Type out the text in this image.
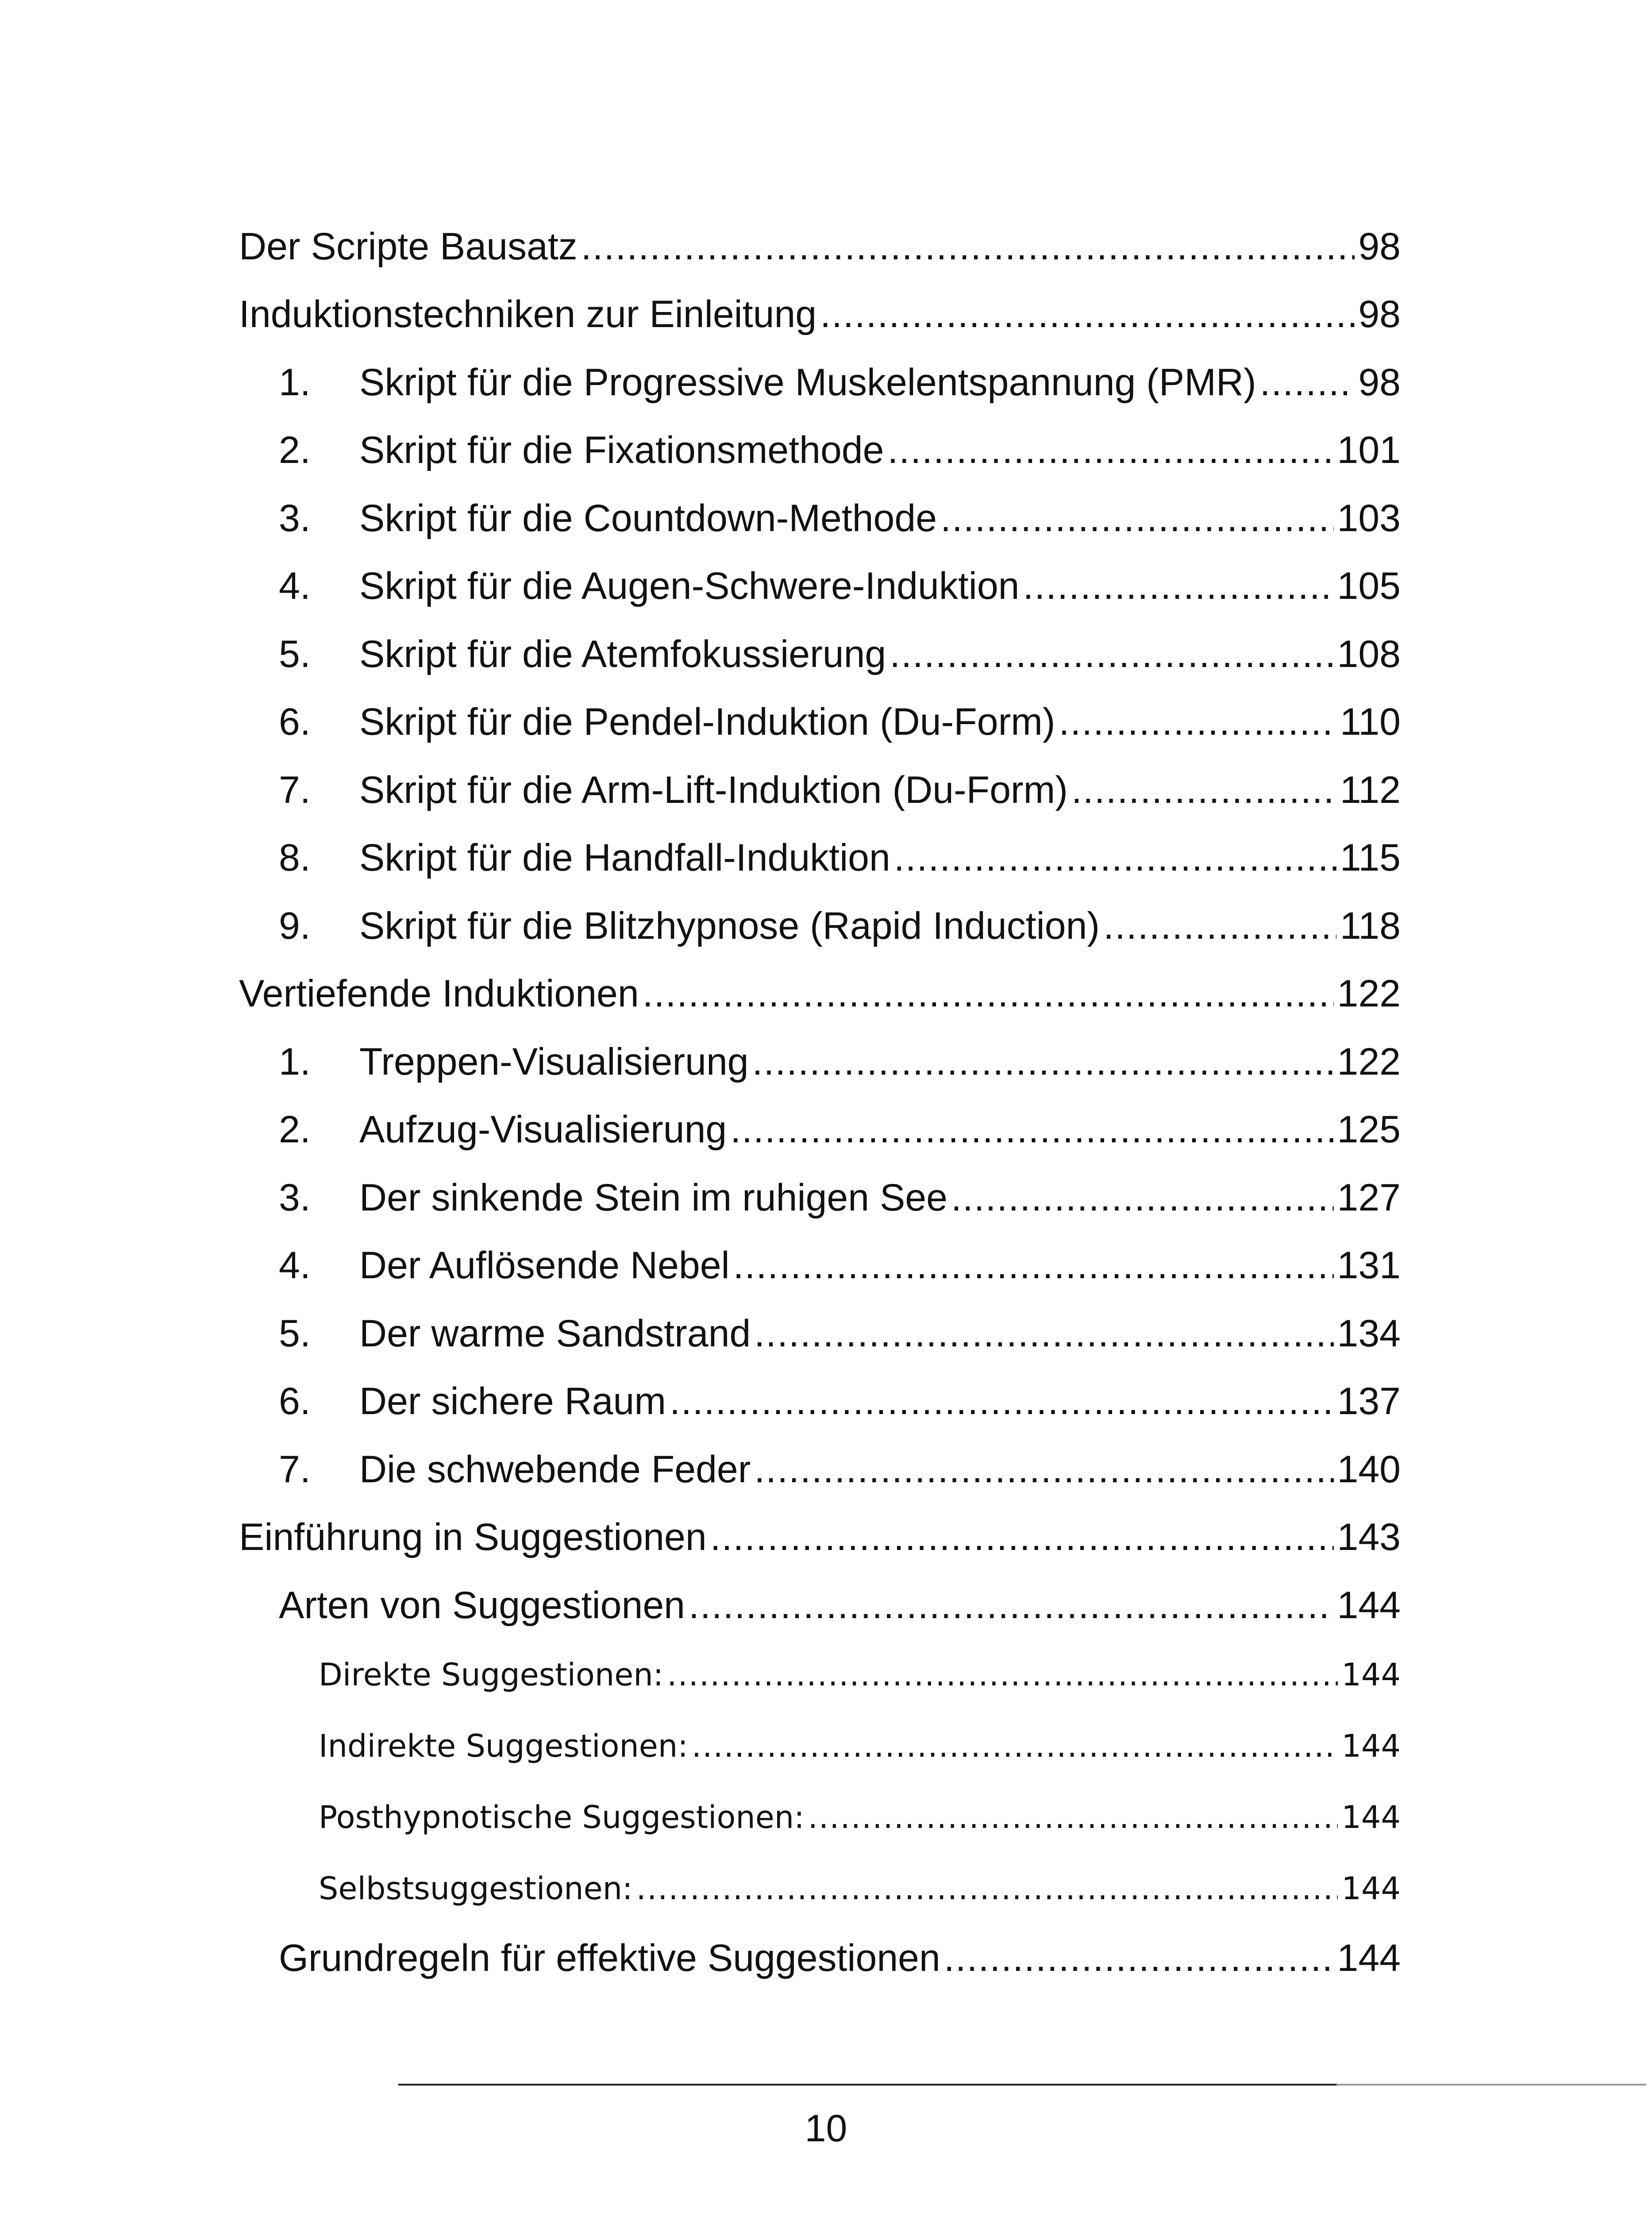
Der Scripte Bausatz .....	98
Induktionstechniken zur Einleitung .....	98
1.	Skript für die Progressive Muskelentspannung (PMR) .....	98
2.	Skript für die Fixationsmethode .....	101
3.	Skript für die Countdown-Methode .....	103
4.	Skript für die Augen-Schwere-Induktion .....	105
5.	Skript für die Atemfokussierung .....	108
6.	Skript für die Pendel-Induktion (Du-Form) .....	110
7.	Skript für die Arm-Lift-Induktion (Du-Form) .....	112
8.	Skript für die Handfall-Induktion .....	115
9.	Skript für die Blitzhypnose (Rapid Induction) .....	118
Vertiefende Induktionen .....	122
1.	Treppen-Visualisierung .....	122
2.	Aufzug-Visualisierung .....	125
3.	Der sinkende Stein im ruhigen See .....	127
4.	Der Auflösende Nebel .....	131
5.	Der warme Sandstrand .....	134
6.	Der sichere Raum .....	137
7.	Die schwebende Feder .....	140
Einführung in Suggestionen .....	143
Arten von Suggestionen .....	144
Direkte Suggestionen: .....	144
Indirekte Suggestionen: .....	144
Posthypnotische Suggestionen: .....	144
Selbstsuggestionen: .....	144
Grundregeln für effektive Suggestionen .....	144
10
